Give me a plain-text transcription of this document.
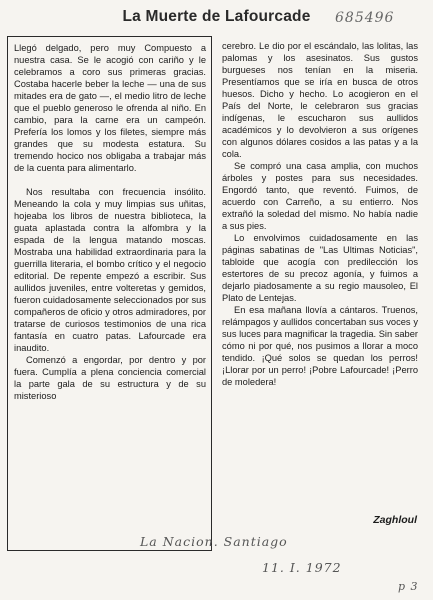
La Muerte de Lafourcade	685496

Llegó delgado, pero muy Compuesto a nuestra casa. Se le acogió con cariño y le celebramos a coro sus primeras gracias. Costaba hacerle beber la leche — una de sus mitades era de gato —, el medio litro de leche que el pueblo generoso le ofrenda al niño. En cambio, para la carne era un campeón. Prefería los lomos y los filetes, siempre más grandes que su modesta estatura. Su tremendo hocico nos obligaba a trabajar más de la cuenta para alimentarlo.

Nos resultaba con frecuencia insólito. Meneando la cola y muy limpias sus uñitas, hojeaba los libros de nuestra biblioteca, la guata aplastada contra la alfombra y la espada de la lengua matando moscas. Mostraba una habilidad extraordinaria para la guerrilla literaria, el bombo crítico y el negocio editorial. De repente empezó a escribir. Sus aullidos juveniles, entre volteretas y gemidos, fueron cuidadosamente seleccionados por sus compañeros de oficio y otros admiradores, por tratarse de curiosos testimonios de una rica fantasía en cuatro patas. Lafourcade era inaudito.

Comenzó a engordar, por dentro y por fuera. Cumplía a plena conciencia comercial la parte gala de su estructura y de su misterioso

cerebro. Le dio por el escándalo, las lolitas, las palomas y los asesinatos. Sus gustos burgueses nos tenían en la miseria. Presentíamos que se iría en busca de otros huesos. Dicho y hecho. Lo acogieron en el País del Norte, le celebraron sus gracias indígenas, le escucharon sus aullidos académicos y lo devolvieron a sus orígenes con algunos dólares cosidos a las patas y a la cola.

Se compró una casa amplia, con muchos árboles y postes para sus necesidades. Engordó tanto, que reventó. Fuimos, de acuerdo con Carreño, a su entierro. Nos extrañó la soledad del mismo. No había nadie a sus pies.

Lo envolvimos cuidadosamente en las páginas sabatinas de "Las Ultimas Noticias", tabloide que acogía con predilección los estertores de su precoz agonía, y fuimos a dejarlo piadosamente a su regio mausoleo, El Plato de Lentejas.

En esa mañana llovía a cántaros. Truenos, relámpagos y aullidos concertaban sus voces y sus luces para magnificar la tragedia. Sin saber cómo ni por qué, nos pusimos a llorar a moco tendido. ¡Qué solos se quedan los perros! ¡Llorar por un perro! ¡Pobre Lafourcade! ¡Perro de moledera!

Zaghloul
La Nacion. Santiago
11. I. 1972
p 3
